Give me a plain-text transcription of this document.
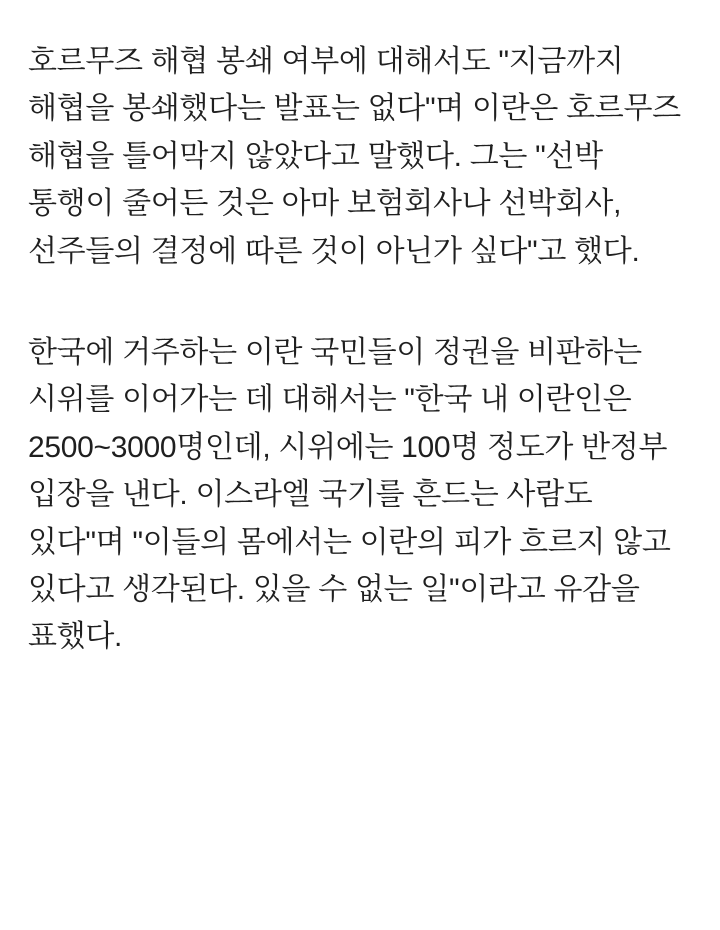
호르무즈 해협 봉쇄 여부에 대해서도 "지금까지 해협을 봉쇄했다는 발표는 없다"며 이란은 호르무즈 해협을 틀어막지 않았다고 말했다. 그는 "선박 통행이 줄어든 것은 아마 보험회사나 선박회사, 선주들의 결정에 따른 것이 아닌가 싶다"고 했다.

한국에 거주하는 이란 국민들이 정권을 비판하는 시위를 이어가는 데 대해서는 "한국 내 이란인은 2500~3000명인데, 시위에는 100명 정도가 반정부 입장을 낸다. 이스라엘 국기를 흔드는 사람도 있다"며 "이들의 몸에서는 이란의 피가 흐르지 않고 있다고 생각된다. 있을 수 없는 일"이라고 유감을 표했다.
